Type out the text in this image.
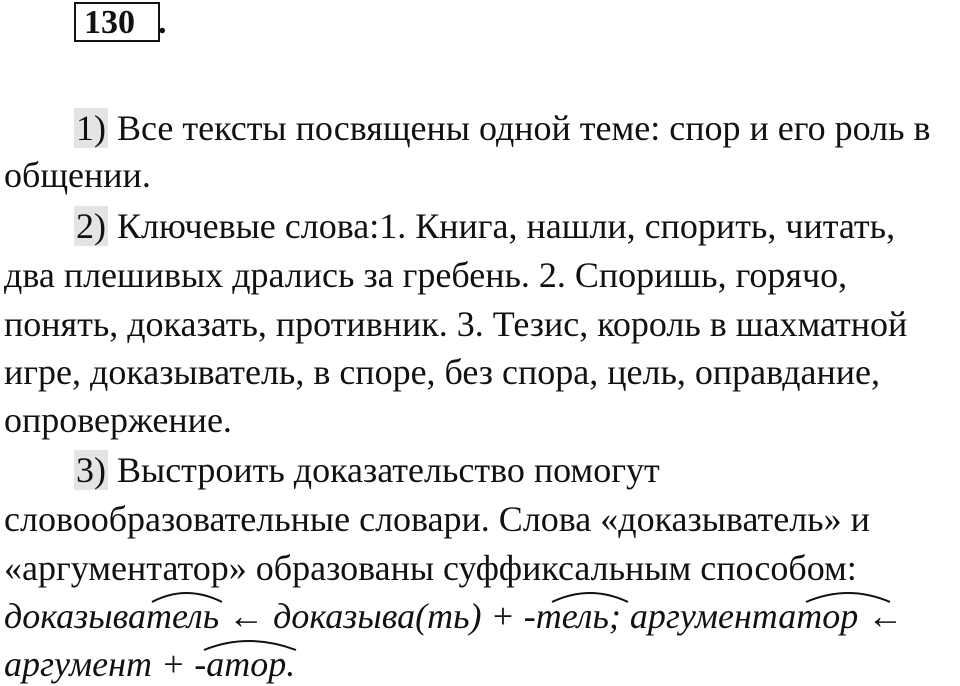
130 .
1) Все тексты посвящены одной теме: спор и его роль в
общении.
2) Ключевые слова:1. Книга, нашли, спорить, читать,
два плешивых дрались за гребень. 2. Споришь, горячо,
понять, доказать, противник. 3. Тезис, король в шахматной
игре, доказыватель, в споре, без спора, цель, оправдание,
опровержение.
3) Выстроить доказательство помогут
словообразовательные словари. Слова «доказыватель» и
«аргументатор» образованы суффиксальным способом:
доказыватель ← доказыва(ть) + -тель; аргументатор ←
аргумент + -атор.
